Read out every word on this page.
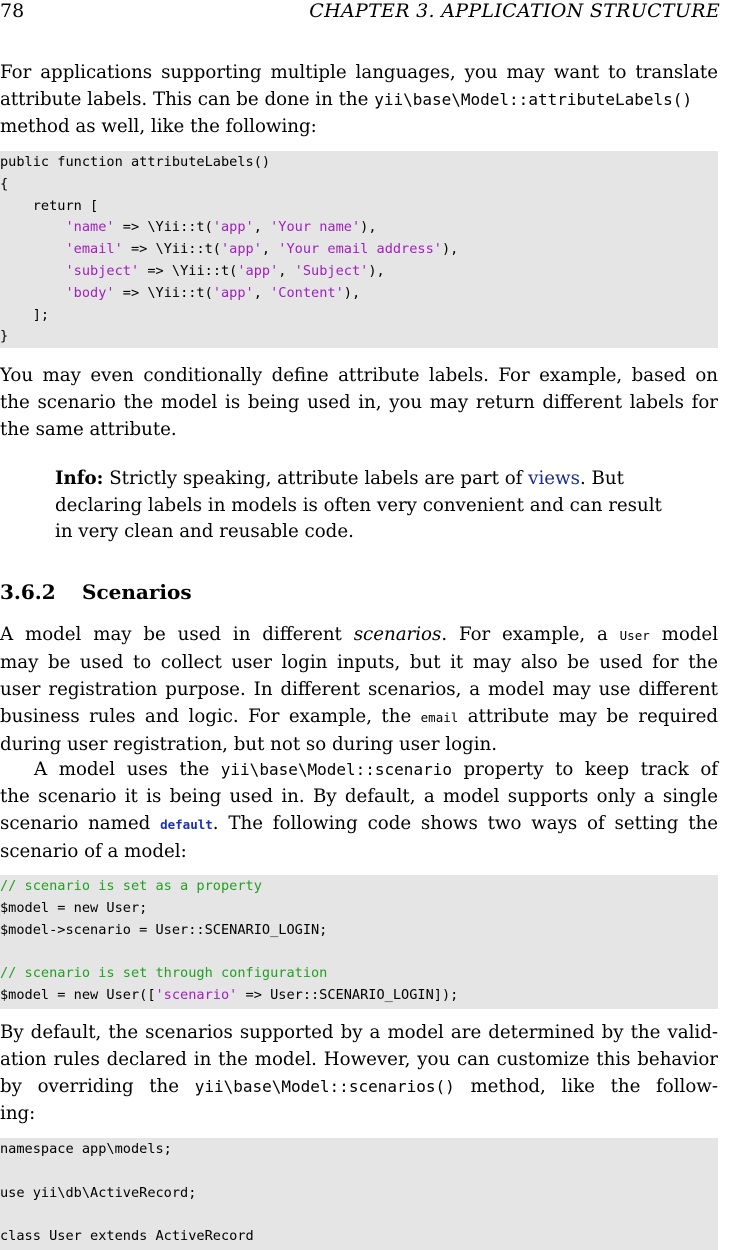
78	CHAPTER 3. APPLICATION STRUCTURE
For applications supporting multiple languages, you may want to translate
attribute labels. This can be done in the yii\base\Model::attributeLabels()
method as well, like the following:
public function attributeLabels()
{
return [
'name' => \Yii::t('app', 'Your name'),
'email' => \Yii::t('app', 'Your email address'),
'subject' => \Yii::t('app', 'Subject'),
'body' => \Yii::t('app', 'Content'),
];
}
You may even conditionally define attribute labels. For example, based on
the scenario the model is being used in, you may return different labels for
the same attribute.
Info: Strictly speaking, attribute labels are part of views. But
declaring labels in models is often very convenient and can result
in very clean and reusable code.
3.6.2 Scenarios
A model may be used in different scenarios. For example, a User model
may be used to collect user login inputs, but it may also be used for the
user registration purpose. In different scenarios, a model may use different
business rules and logic. For example, the email attribute may be required
during user registration, but not so during user login.
A model uses the yii\base\Model::scenario property to keep track of
the scenario it is being used in. By default, a model supports only a single
scenario named default. The following code shows two ways of setting the
scenario of a model:
// scenario is set as a property
$model = new User;
$model->scenario = User::SCENARIO_LOGIN;
// scenario is set through configuration
$model = new User(['scenario' => User::SCENARIO_LOGIN]);
By default, the scenarios supported by a model are determined by the valid-
ation rules declared in the model. However, you can customize this behavior
by overriding the yii\base\Model::scenarios() method, like the follow-
ing:
namespace app\models;
use yii\db\ActiveRecord;
class User extends ActiveRecord
